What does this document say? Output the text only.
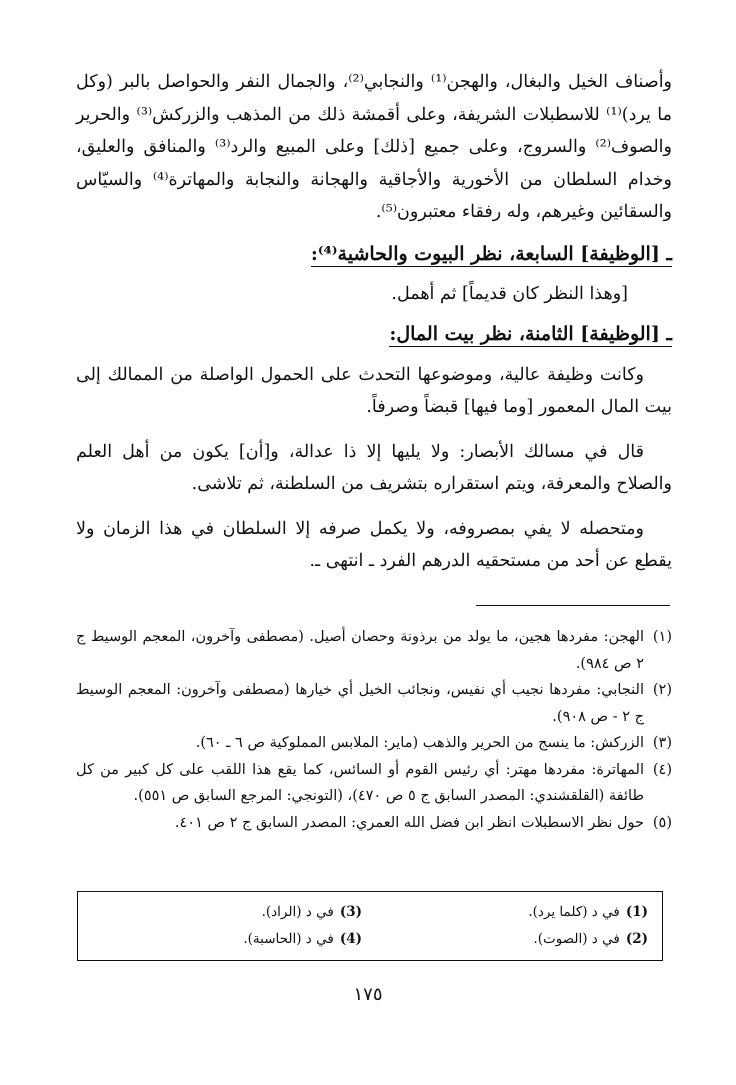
وأصناف الخيل والبغال، والهجن⁽¹⁾ والنجابي⁽²⁾، والجمال النفر والحواصل بالبر (وكل ما يرد)⁽¹⁾ للاسطبلات الشريفة، وعلى أقمشة ذلك من المذهب والزركش⁽³⁾ والحرير والصوف⁽²⁾ والسروج، وعلى جميع [ذلك] وعلى المبيع والرد⁽³⁾ والمنافق والعليق، وخدام السلطان من الأخورية والأجاقية والهجانة والنجابة والمهاترة⁽⁴⁾ والسيّاس والسقائين وغيرهم، وله رفقاء معتبرون⁽⁵⁾.

ـ [الوظيفة] السابعة، نظر البيوت والحاشية⁽⁴⁾:
[وهذا النظر كان قديماً] ثم أهمل.
ـ [الوظيفة] الثامنة، نظر بيت المال:

وكانت وظيفة عالية، وموضوعها التحدث على الحمول الواصلة من الممالك إلى بيت المال المعمور [وما فيها] قبضاً وصرفاً.

قال في مسالك الأبصار: ولا يليها إلا ذا عدالة، و[أن] يكون من أهل العلم والصلاح والمعرفة، ويتم استقراره بتشريف من السلطنة، ثم تلاشى.

ومتحصله لا يفي بمصروفه، ولا يكمل صرفه إلا السلطان في هذا الزمان ولا يقطع عن أحد من مستحقيه الدرهم الفرد ـ انتهى ـ.

(١)
الهجن: مفردها هجين، ما يولد من برذونة وحصان أصيل. (مصطفى وآخرون، المعجم الوسيط ج ٢ ص ٩٨٤).
(٢)
النجابي: مفردها نجيب أي نفيس، ونجائب الخيل أي خيارها (مصطفى وآخرون: المعجم الوسيط ج ٢ - ص ٩٠٨).
(٣)
الزركش: ما ينسج من الحرير والذهب (ماير: الملابس المملوكية ص ٦ ـ ٦٠).
(٤)
المهاترة: مفردها مهتر: أي رئيس القوم أو السائس، كما يقع هذا اللقب على كل كبير من كل طائفة (القلقشندي: المصدر السابق ج ٥ ص ٤٧٠)، (التونجي: المرجع السابق ص ٥٥١).
(٥)
حول نظر الاسطبلات انظر ابن فضل الله العمري: المصدر السابق ج ٢ ص ٤٠١.
(1)في د (كلما يرد).
(2)في د (الصوت).
(3)في د (الراد).
(4)في د (الحاسبة).
١٧٥
